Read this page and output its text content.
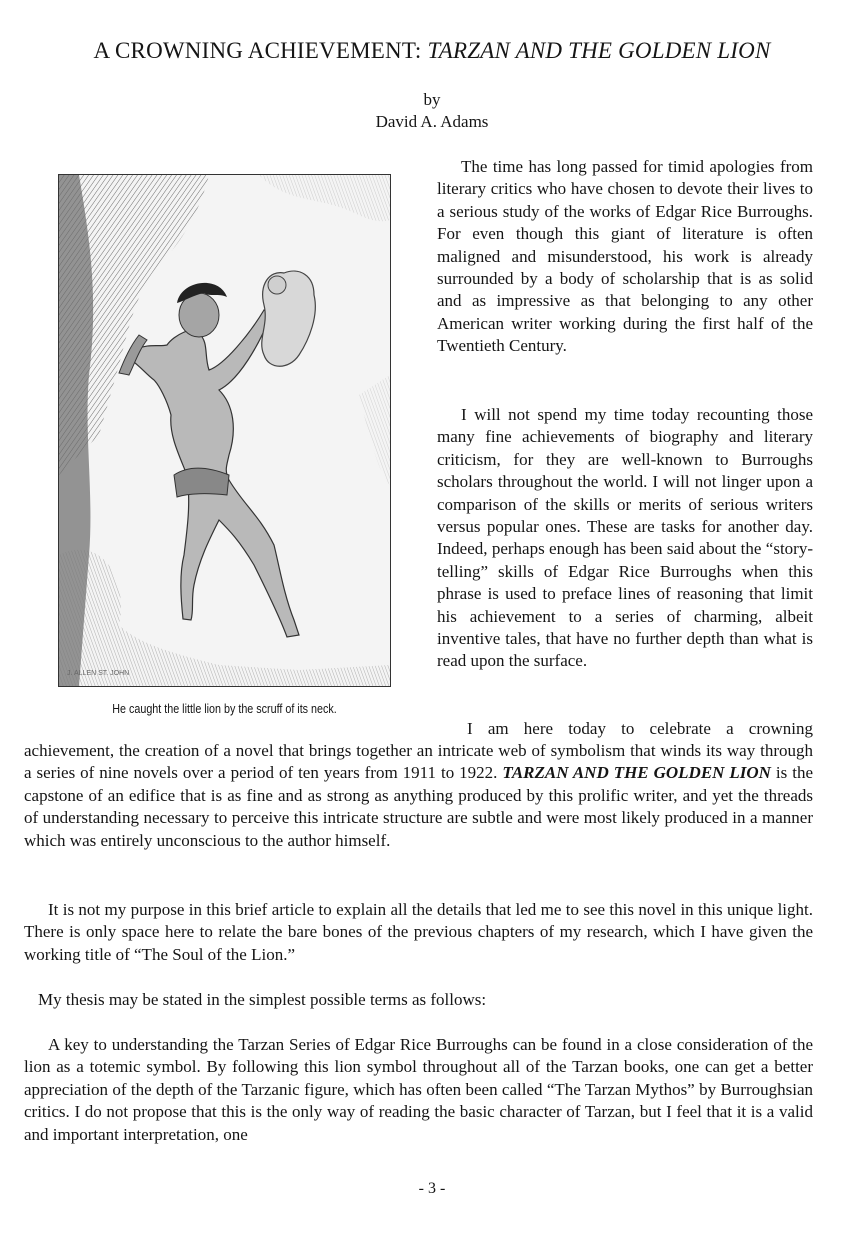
A CROWNING ACHIEVEMENT: TARZAN AND THE GOLDEN LION
by
David A. Adams
J. ALLEN ST. JOHN
He caught the little lion by the scruff of its neck.

The time has long passed for timid apologies from literary critics who have chosen to devote their lives to a serious study of the works of Edgar Rice Burroughs. For even though this giant of literature is often maligned and misunderstood, his work is already surrounded by a body of scholarship that is as solid and as impressive as that belonging to any other American writer working during the first half of the Twentieth Century.

I will not spend my time today recounting those many fine achievements of biography and literary criticism, for they are well-known to Burroughs scholars throughout the world. I will not linger upon a comparison of the skills or merits of serious writers versus popular ones. These are tasks for another day. Indeed, perhaps enough has been said about the “story-telling” skills of Edgar Rice Burroughs when this phrase is used to preface lines of reasoning that limit his achievement to a series of charming, albeit inventive tales, that have no further depth than what is read upon the surface.

I am here today to celebrate a crowning

achievement, the creation of a novel that brings together an intricate web of symbolism that winds its way through a series of nine novels over a period of ten years from 1911 to 1922. TARZAN AND THE GOLDEN LION is the capstone of an edifice that is as fine and as strong as anything produced by this prolific writer, and yet the threads of understanding necessary to perceive this intricate structure are subtle and were most likely produced in a manner which was entirely unconscious to the author himself.

It is not my purpose in this brief article to explain all the details that led me to see this novel in this unique light. There is only space here to relate the bare bones of the previous chapters of my research, which I have given the working title of “The Soul of the Lion.”

My thesis may be stated in the simplest possible terms as follows:

A key to understanding the Tarzan Series of Edgar Rice Burroughs can be found in a close consideration of the lion as a totemic symbol. By following this lion symbol throughout all of the Tarzan books, one can get a better appreciation of the depth of the Tarzanic figure, which has often been called “The Tarzan Mythos” by Burroughsian critics. I do not propose that this is the only way of reading the basic character of Tarzan, but I feel that it is a valid and important interpretation, one

- 3 -
